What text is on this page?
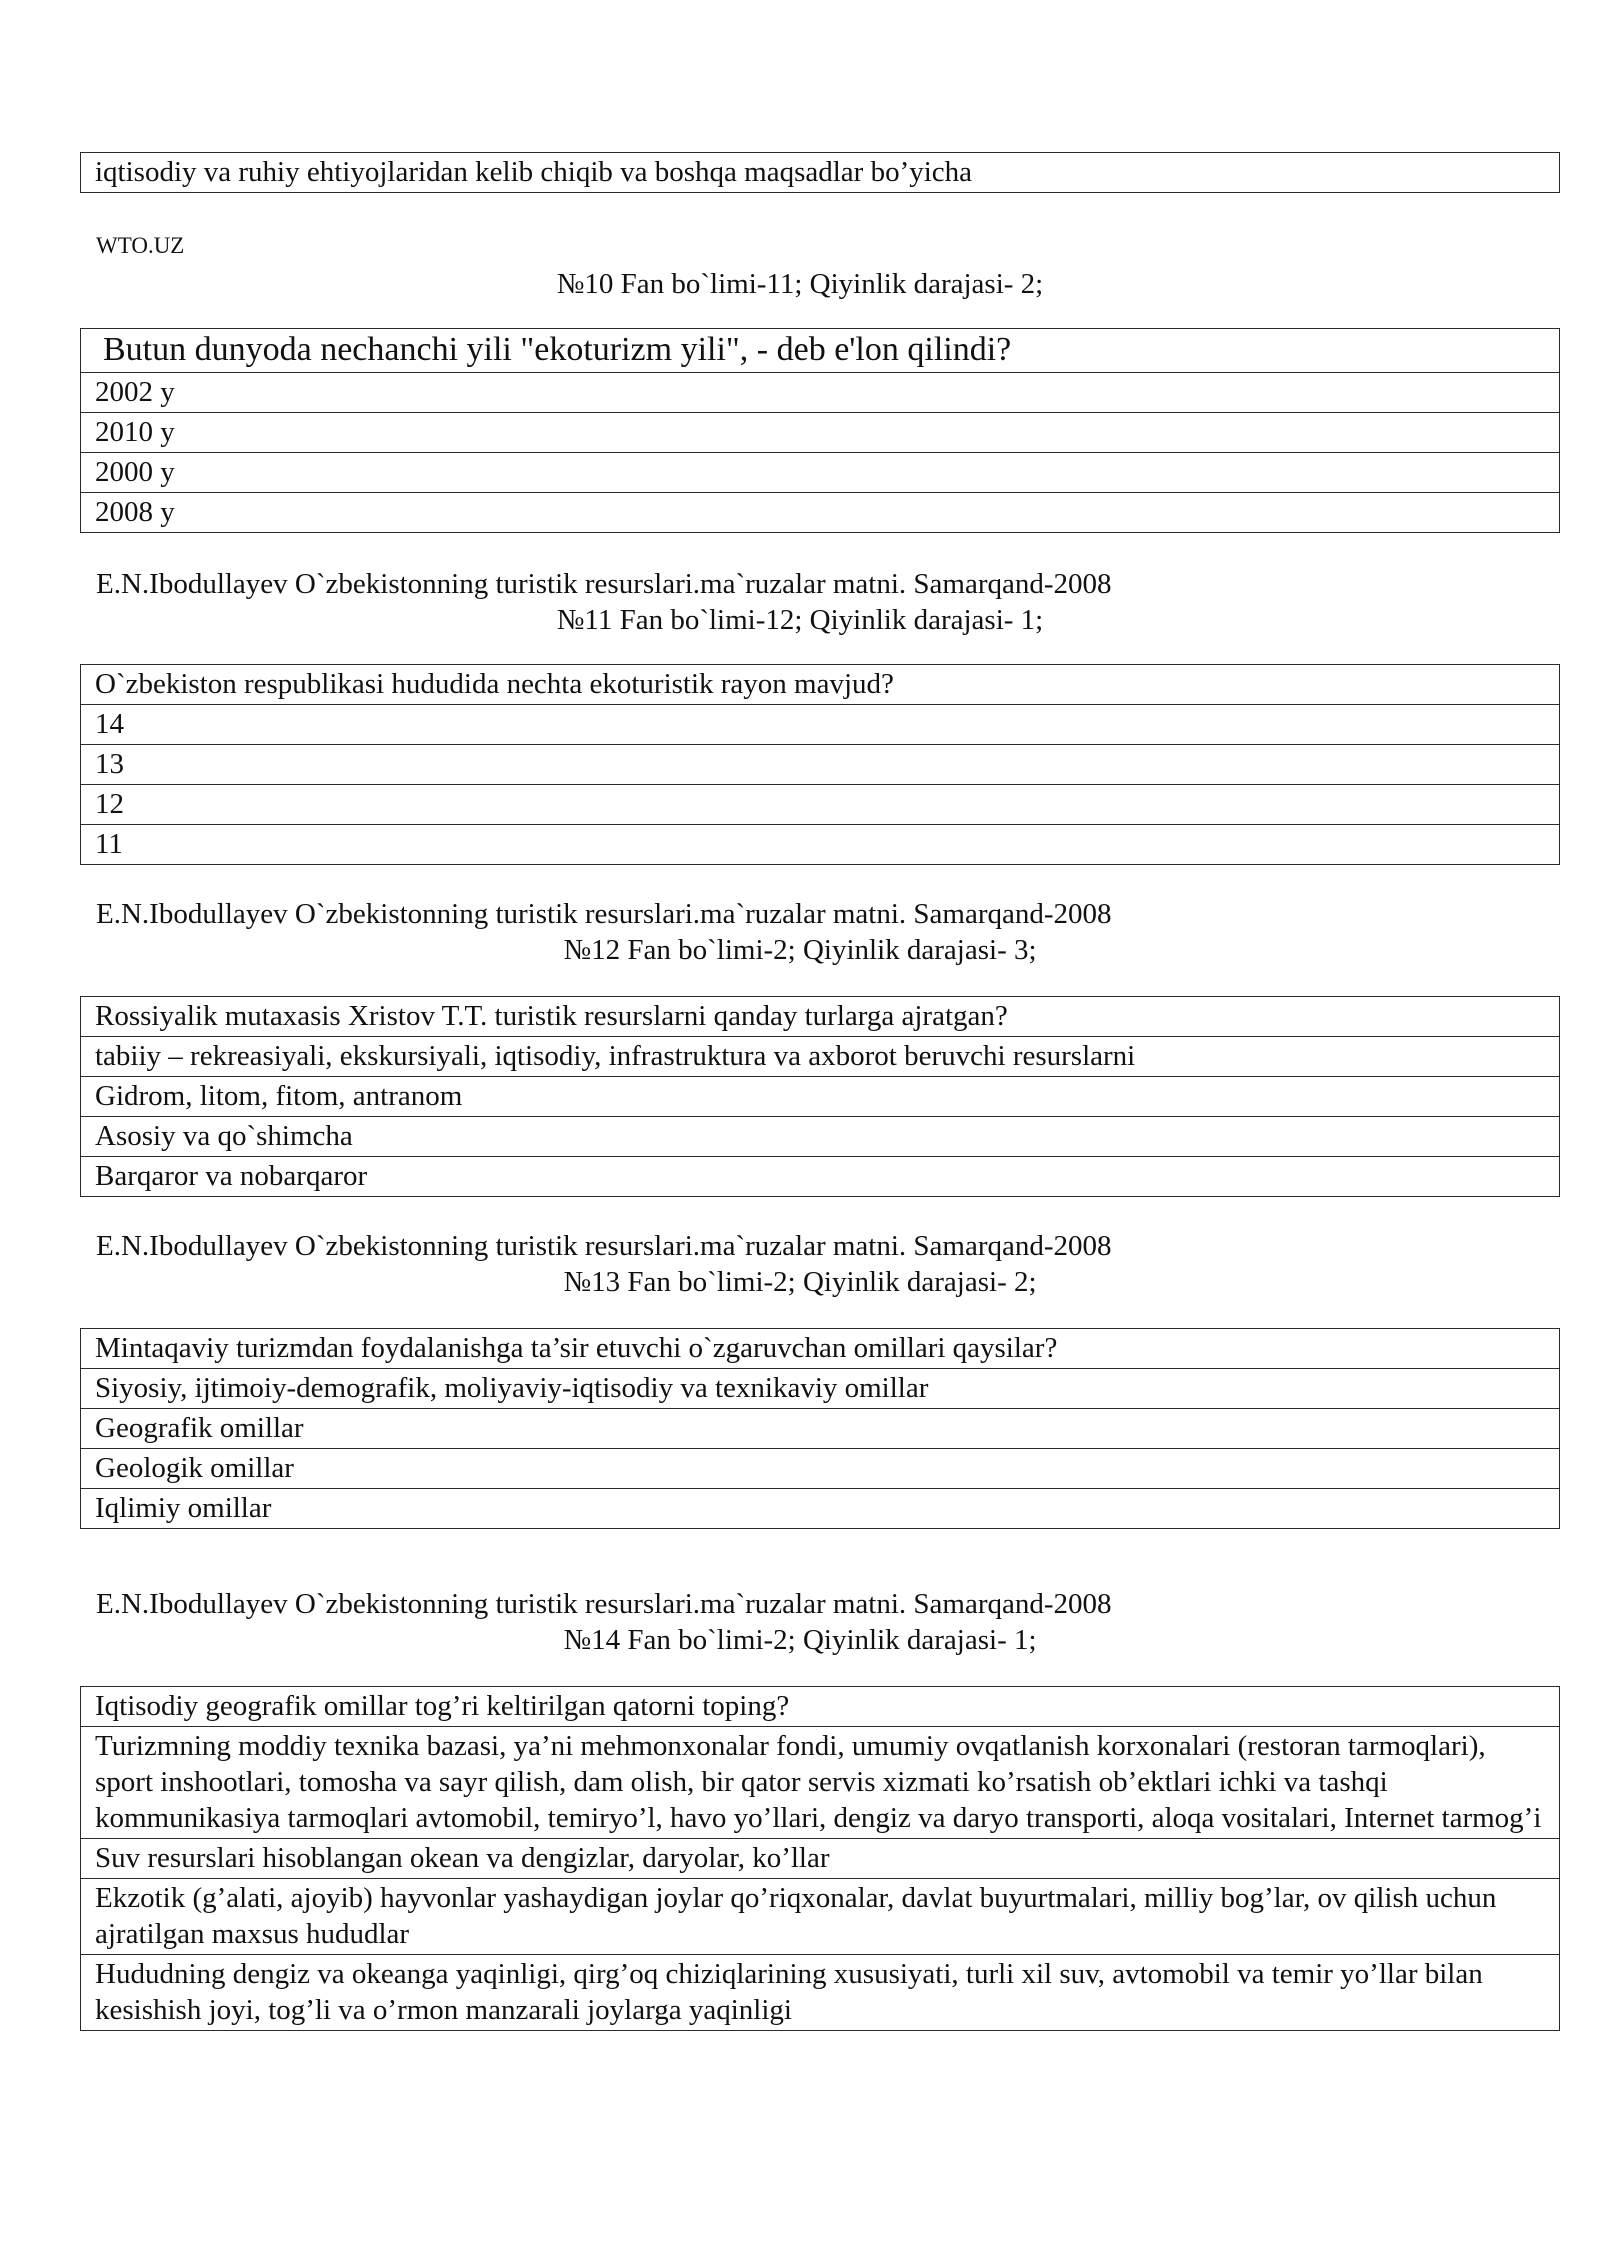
iqtisodiy va ruhiy ehtiyojlaridan kelib chiqib va boshqa maqsadlar bo’yicha
WTO.UZ
№10 Fan bo`limi-11; Qiyinlik darajasi- 2;
Butun dunyoda nechanchi yili "ekoturizm yili", - deb e'lon qilindi?
2002 y
2010 y
2000 y
2008 y
E.N.Ibodullayev O`zbekistonning turistik resurslari.ma`ruzalar matni. Samarqand-2008
№11 Fan bo`limi-12; Qiyinlik darajasi- 1;
O`zbekiston respublikasi hududida nechta ekoturistik rayon mavjud?
14
13
12
11
E.N.Ibodullayev O`zbekistonning turistik resurslari.ma`ruzalar matni. Samarqand-2008
№12 Fan bo`limi-2; Qiyinlik darajasi- 3;
Rossiyalik mutaxasis Xristov T.T. turistik resurslarni qanday turlarga ajratgan?
tabiiy – rekreasiyali, ekskursiyali, iqtisodiy, infrastruktura va axborot beruvchi resurslarni
Gidrom, litom, fitom, antranom
Asosiy va qo`shimcha
Barqaror va nobarqaror
E.N.Ibodullayev O`zbekistonning turistik resurslari.ma`ruzalar matni. Samarqand-2008
№13 Fan bo`limi-2; Qiyinlik darajasi- 2;
Mintaqaviy turizmdan foydalanishga ta’sir etuvchi o`zgaruvchan omillari qaysilar?
Siyosiy, ijtimoiy-demografik, moliyaviy-iqtisodiy va texnikaviy omillar
Geografik omillar
Geologik omillar
Iqlimiy omillar
E.N.Ibodullayev O`zbekistonning turistik resurslari.ma`ruzalar matni. Samarqand-2008
№14 Fan bo`limi-2; Qiyinlik darajasi- 1;
Iqtisodiy geografik omillar tog’ri keltirilgan qatorni toping?
Turizmning moddiy texnika bazasi, ya’ni mehmonxonalar fondi, umumiy ovqatlanish korxonalari (restoran tarmoqlari), sport inshootlari, tomosha va sayr qilish, dam olish, bir qator servis xizmati ko’rsatish ob’ektlari ichki va tashqi kommunikasiya tarmoqlari avtomobil, temiryo’l, havo yo’llari, dengiz va daryo transporti, aloqa vositalari, Internet tarmog’i
Suv resurslari hisoblangan okean va dengizlar, daryolar, ko’llar
Ekzotik (g’alati, ajoyib) hayvonlar yashaydigan joylar qo’riqxonalar, davlat buyurtmalari, milliy bog’lar, ov qilish uchun ajratilgan maxsus hududlar
Hududning dengiz va okeanga yaqinligi, qirg’oq chiziqlarining xususiyati, turli xil suv, avtomobil va temir yo’llar bilan kesishish joyi, tog’li va o’rmon manzarali joylarga yaqinligi
